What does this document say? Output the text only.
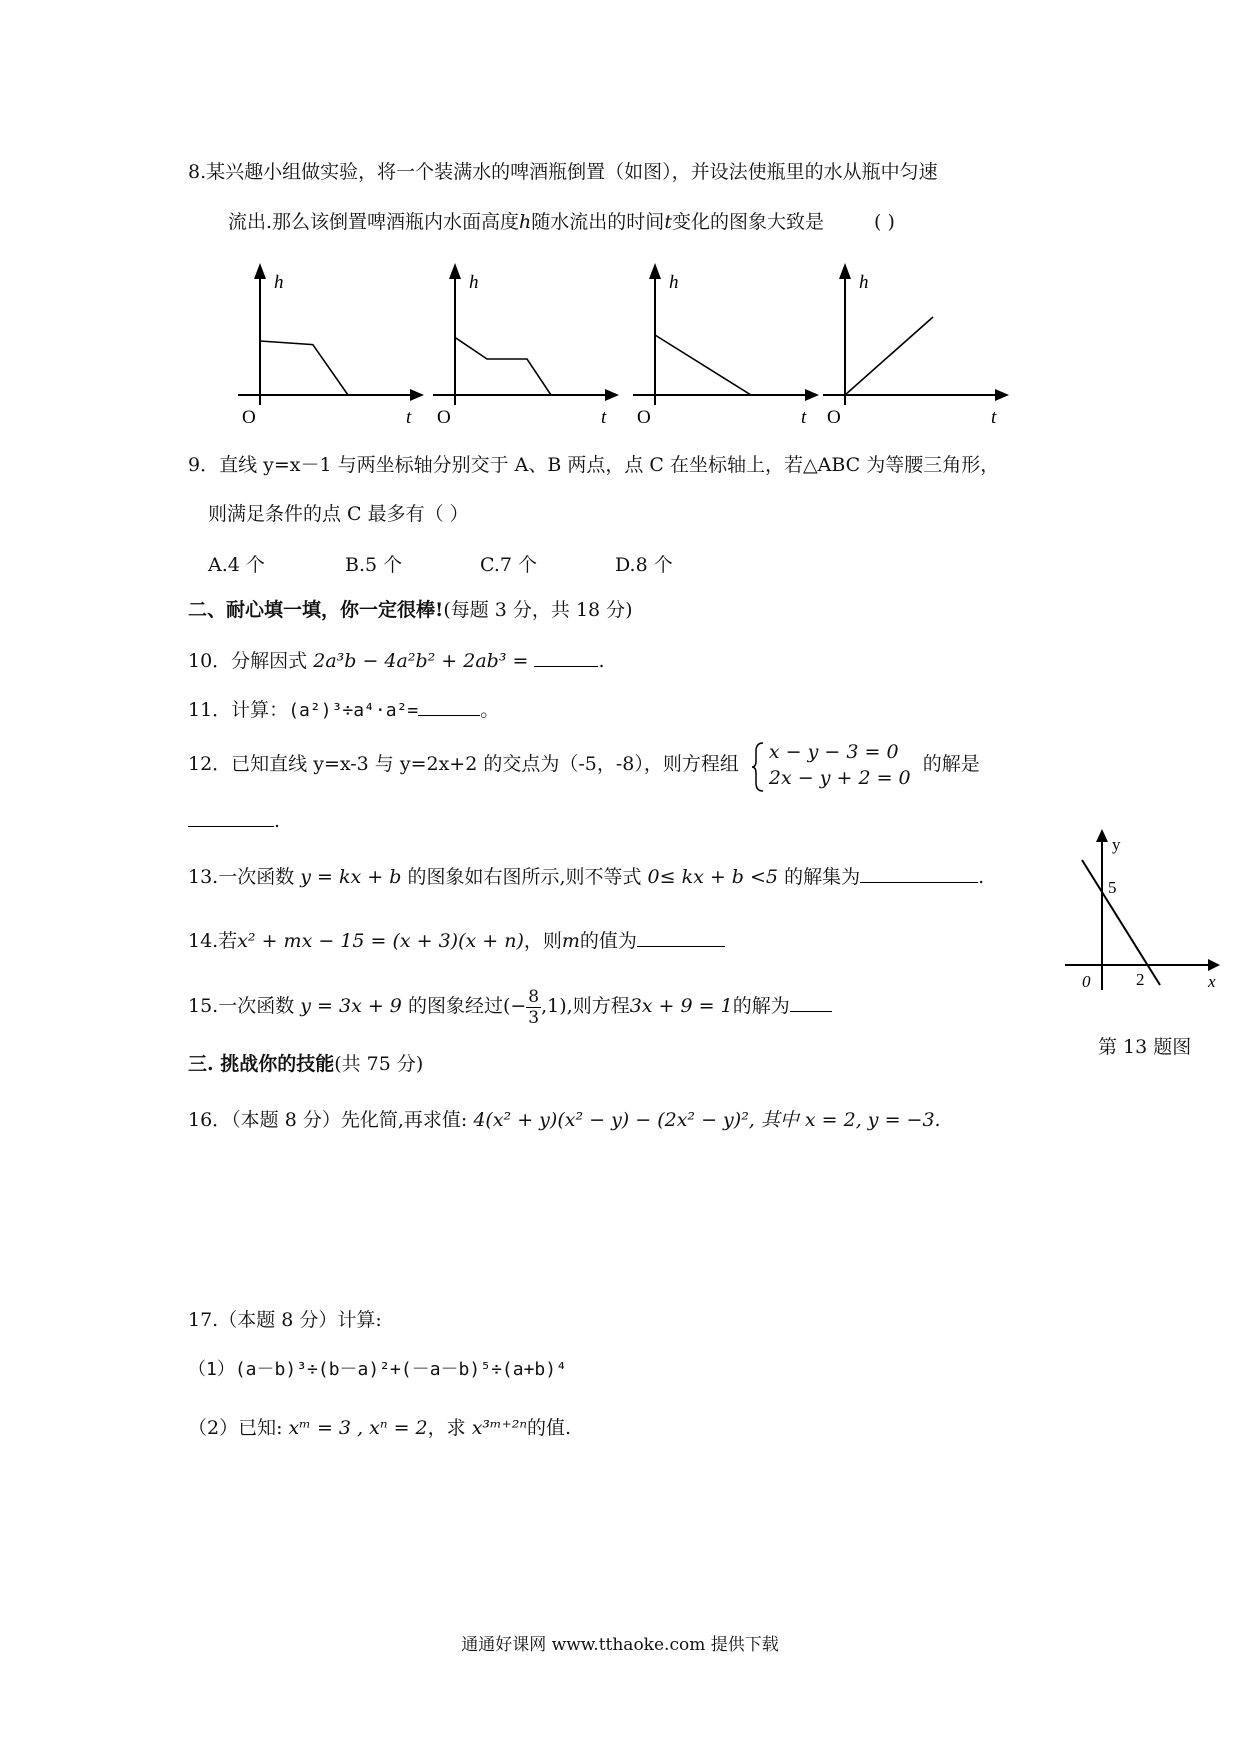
8.某兴趣小组做实验，将一个装满水的啤酒瓶倒置（如图），并设法使瓶里的水从瓶中匀速
流出.那么该倒置啤酒瓶内水面高度h随水流出的时间t变化的图象大致是	( )
h
t
O
h
t
O
h
t
O
h
t
O
9．直线 y=x－1 与两坐标轴分别交于 A、B 两点，点 C 在坐标轴上，若△ABC 为等腰三角形，
则满足条件的点 C 最多有（ ）
A.4 个	B.5 个	C.7 个	D.8 个
二、耐心填一填，你一定很棒!(每题 3 分，共 18 分)
10．分解因式 2a³b − 4a²b² + 2ab³ =	.
11．计算：(a²)³÷a⁴·a²=	。
12．已知直线 y=x-3 与 y=2x+2 的交点为（-5，-8），则方程组
x − y − 3 = 0
2x − y + 2 = 0 的解是
.
13.一次函数 y = kx + b 的图象如右图所示,则不等式 0≤ kx + b <5 的解集为	.
y
x
0
5
2
第 13 题图
14.若x² + mx − 15 = (x + 3)(x + n)，则m的值为
15.一次函数 y = 3x + 9 的图象经过(− $\frac{8}{3} ,1$),则方程3x + 9 = 1的解为
三. 挑战你的技能(共 75 分)
16．（本题 8 分）先化简,再求值: 4(x² + y)(x² − y) − (2x² − y)², 其中 x = 2, y = −3.
17.（本题 8 分）计算:
（1）(a－b)³÷(b－a)²+(－a－b)⁵÷(a+b)⁴
（2）已知: xᵐ = 3 , xⁿ = 2，求 x³ᵐ⁺²ⁿ的值.
通通好课网 www.tthaoke.com 提供下载
